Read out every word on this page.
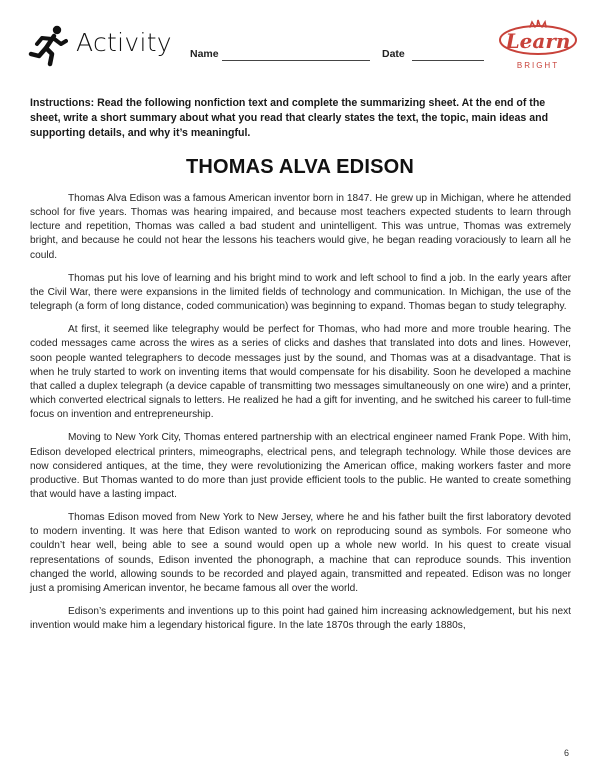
Activity Name	Date
Learn
BRIGHT
Instructions: Read the following nonfiction text and complete the summarizing sheet. At the end of the sheet, write a short summary about what you read that clearly states the text, the topic, main ideas and supporting details, and why it’s meaningful.
THOMAS ALVA EDISON

Thomas Alva Edison was a famous American inventor born in 1847. He grew up in Michigan, where he attended school for five years. Thomas was hearing impaired, and because most teachers expected students to learn through lecture and repetition, Thomas was called a bad student and unintelligent. This was untrue, Thomas was extremely bright, and because he could not hear the lessons his teachers would give, he began reading voraciously to learn all he could.

Thomas put his love of learning and his bright mind to work and left school to find a job. In the early years after the Civil War, there were expansions in the limited fields of technology and communication. In Michigan, the use of the telegraph (a form of long distance, coded communication) was beginning to expand. Thomas began to study telegraphy.

At first, it seemed like telegraphy would be perfect for Thomas, who had more and more trouble hearing. The coded messages came across the wires as a series of clicks and dashes that translated into dots and lines. However, soon people wanted telegraphers to decode messages just by the sound, and Thomas was at a disadvantage. That is when he truly started to work on inventing items that would compensate for his disability. Soon he developed a machine that called a duplex telegraph (a device capable of transmitting two messages simultaneously on one wire) and a printer, which converted electrical signals to letters. He realized he had a gift for inventing, and he switched his career to full-time focus on invention and entrepreneurship.

Moving to New York City, Thomas entered partnership with an electrical engineer named Frank Pope. With him, Edison developed electrical printers, mimeographs, electrical pens, and telegraph technology. While those devices are now considered antiques, at the time, they were revolutionizing the American office, making workers faster and more productive. But Thomas wanted to do more than just provide efficient tools to the public. He wanted to create something that would have a lasting impact.

Thomas Edison moved from New York to New Jersey, where he and his father built the first laboratory devoted to modern inventing. It was here that Edison wanted to work on reproducing sound as symbols. For someone who couldn’t hear well, being able to see a sound would open up a whole new world. In his quest to create visual representations of sounds, Edison invented the phonograph, a machine that can reproduce sounds. This invention changed the world, allowing sounds to be recorded and played again, transmitted and repeated. Edison was no longer just a promising American inventor, he became famous all over the world.

Edison’s experiments and inventions up to this point had gained him increasing acknowledgement, but his next invention would make him a legendary historical figure. In the late 1870s through the early 1880s,

6
